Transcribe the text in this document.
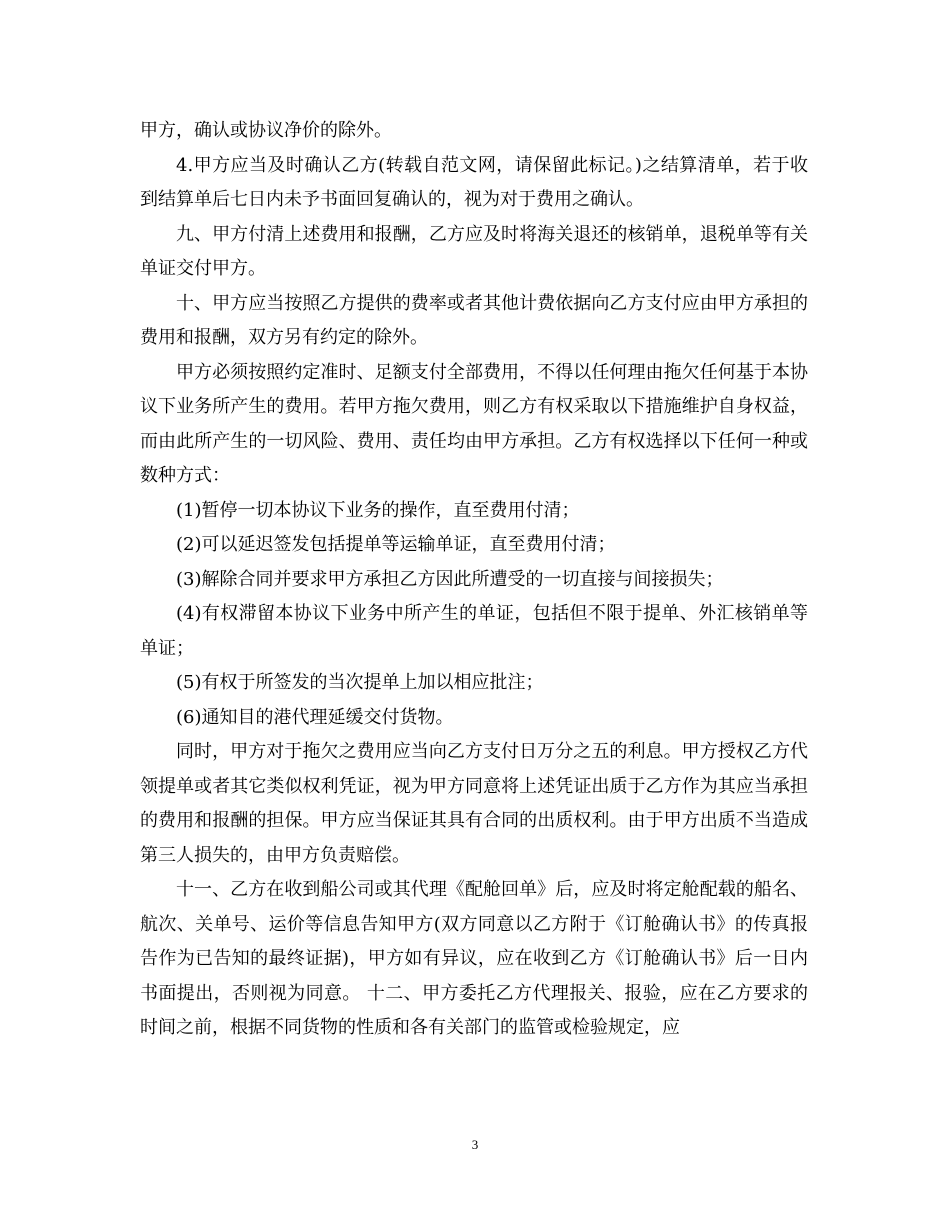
甲方，确认或协议净价的除外。

4.甲方应当及时确认乙方(转载自范文网，请保留此标记。)之结算清单，若于收到结算单后七日内未予书面回复确认的，视为对于费用之确认。

九、甲方付清上述费用和报酬，乙方应及时将海关退还的核销单，退税单等有关单证交付甲方。

十、甲方应当按照乙方提供的费率或者其他计费依据向乙方支付应由甲方承担的费用和报酬，双方另有约定的除外。

甲方必须按照约定准时、足额支付全部费用，不得以任何理由拖欠任何基于本协议下业务所产生的费用。若甲方拖欠费用，则乙方有权采取以下措施维护自身权益，而由此所产生的一切风险、费用、责任均由甲方承担。乙方有权选择以下任何一种或数种方式：

(1)暂停一切本协议下业务的操作，直至费用付清；

(2)可以延迟签发包括提单等运输单证，直至费用付清；

(3)解除合同并要求甲方承担乙方因此所遭受的一切直接与间接损失；

(4)有权滞留本协议下业务中所产生的单证，包括但不限于提单、外汇核销单等单证；

(5)有权于所签发的当次提单上加以相应批注；

(6)通知目的港代理延缓交付货物。

同时，甲方对于拖欠之费用应当向乙方支付日万分之五的利息。甲方授权乙方代领提单或者其它类似权利凭证，视为甲方同意将上述凭证出质于乙方作为其应当承担的费用和报酬的担保。甲方应当保证其具有合同的出质权利。由于甲方出质不当造成第三人损失的，由甲方负责赔偿。

十一、乙方在收到船公司或其代理《配舱回单》后，应及时将定舱配载的船名、航次、关单号、运价等信息告知甲方(双方同意以乙方附于《订舱确认书》的传真报告作为已告知的最终证据)，甲方如有异议，应在收到乙方《订舱确认书》后一日内书面提出，否则视为同意。 十二、甲方委托乙方代理报关、报验，应在乙方要求的时间之前，根据不同货物的性质和各有关部门的监管或检验规定，应

3
